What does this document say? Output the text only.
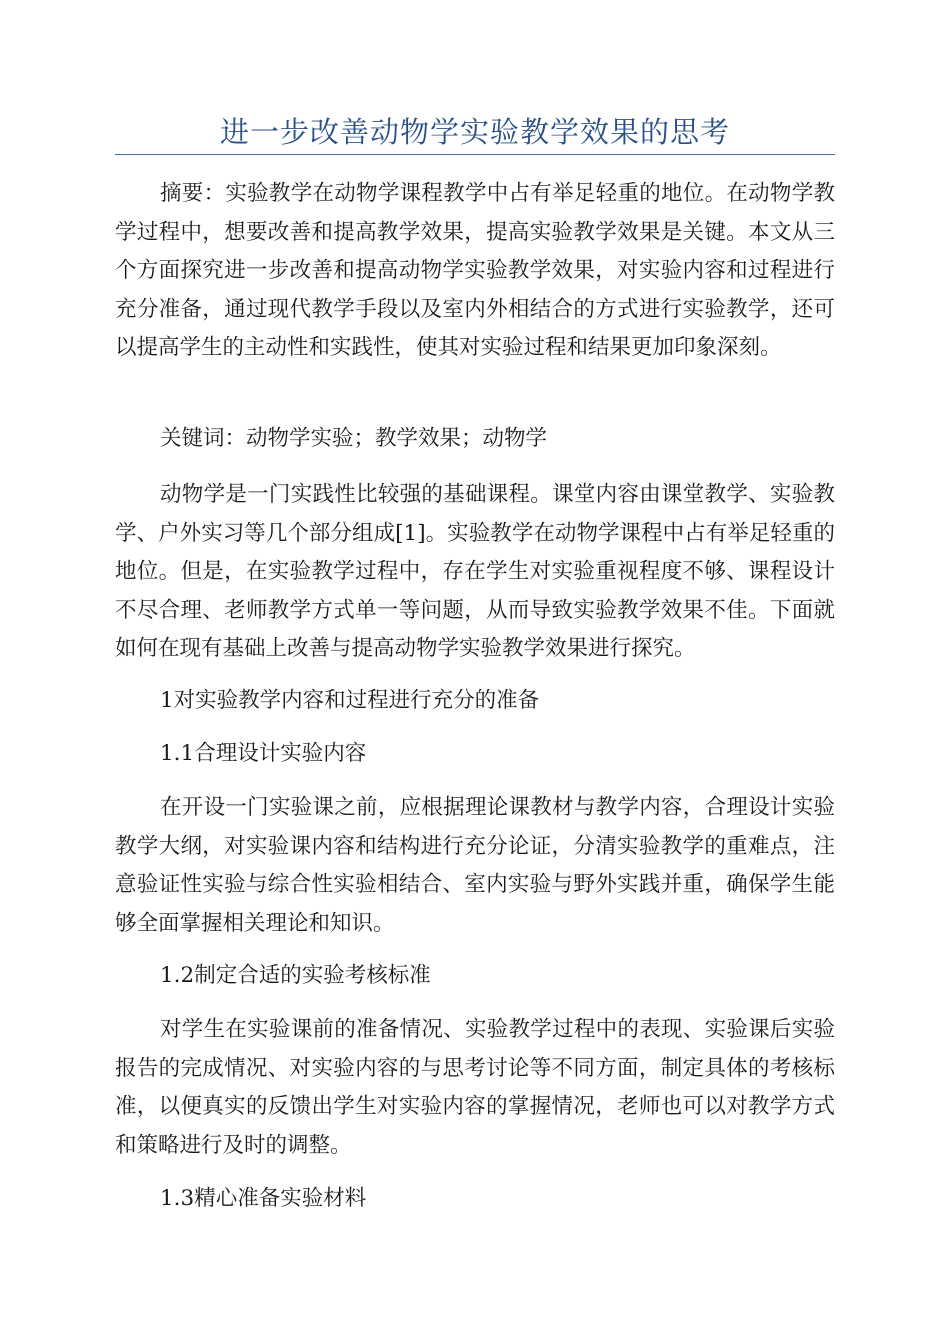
进一步改善动物学实验教学效果的思考

摘要：实验教学在动物学课程教学中占有举足轻重的地位。在动物学教学过程中，想要改善和提高教学效果，提高实验教学效果是关键。本文从三个方面探究进一步改善和提高动物学实验教学效果，对实验内容和过程进行充分准备，通过现代教学手段以及室内外相结合的方式进行实验教学，还可以提高学生的主动性和实践性，使其对实验过程和结果更加印象深刻。

关键词：动物学实验；教学效果；动物学

动物学是一门实践性比较强的基础课程。课堂内容由课堂教学、实验教学、户外实习等几个部分组成[1]。实验教学在动物学课程中占有举足轻重的地位。但是，在实验教学过程中，存在学生对实验重视程度不够、课程设计不尽合理、老师教学方式单一等问题，从而导致实验教学效果不佳。下面就如何在现有基础上改善与提高动物学实验教学效果进行探究。

1对实验教学内容和过程进行充分的准备
1.1合理设计实验内容

在开设一门实验课之前，应根据理论课教材与教学内容，合理设计实验教学大纲，对实验课内容和结构进行充分论证，分清实验教学的重难点，注意验证性实验与综合性实验相结合、室内实验与野外实践并重，确保学生能够全面掌握相关理论和知识。

1.2制定合适的实验考核标准

对学生在实验课前的准备情况、实验教学过程中的表现、实验课后实验报告的完成情况、对实验内容的与思考讨论等不同方面，制定具体的考核标准，以便真实的反馈出学生对实验内容的掌握情况，老师也可以对教学方式和策略进行及时的调整。

1.3精心准备实验材料
